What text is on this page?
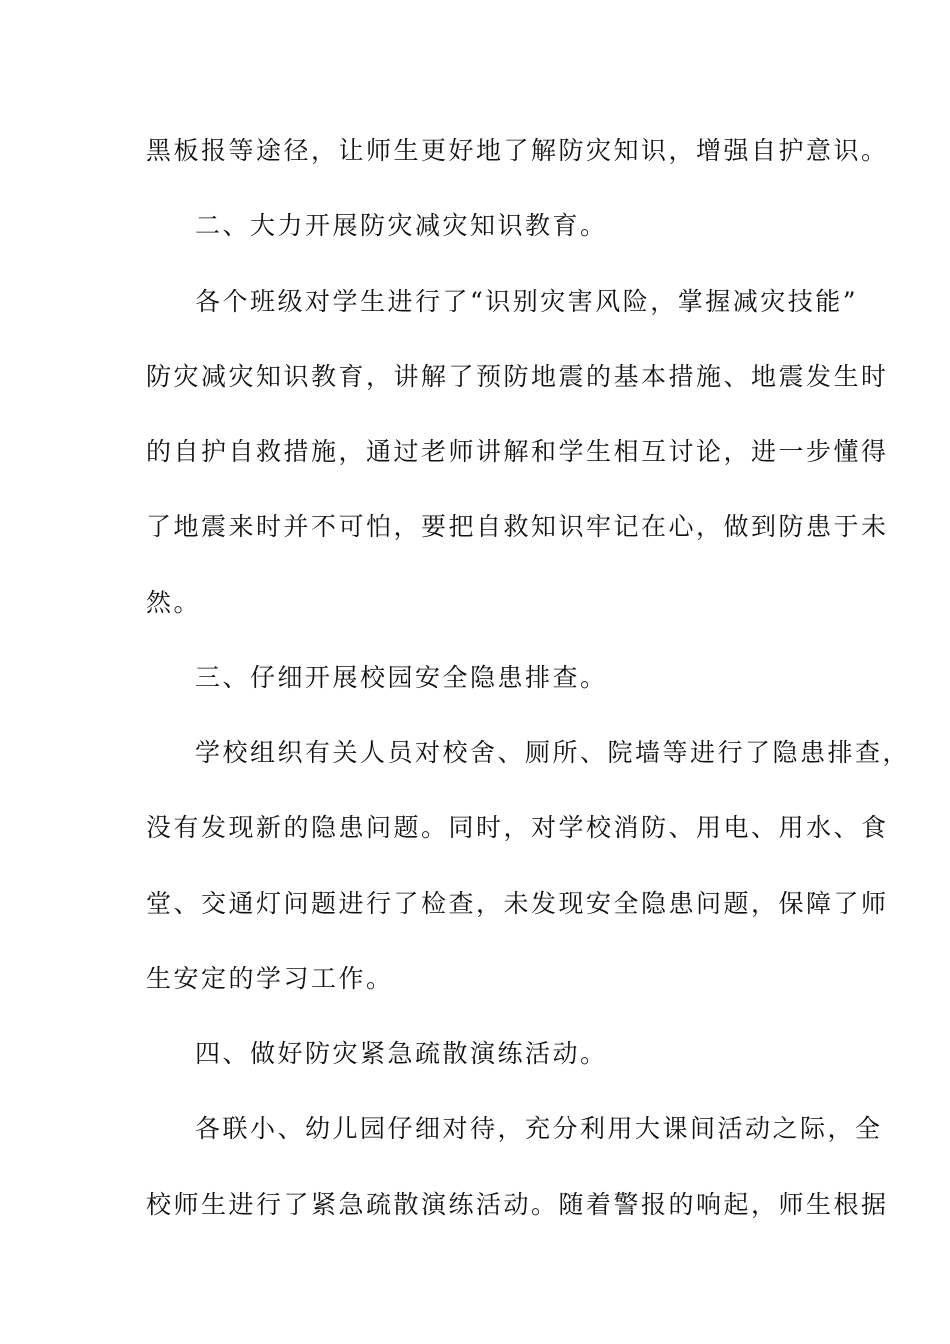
黑板报等途径，让师生更好地了解防灾知识，增强自护意识。
二、大力开展防灾减灾知识教育。
各个班级对学生进行了“识别灾害风险，掌握减灾技能”
防灾减灾知识教育，讲解了预防地震的基本措施、地震发生时
的自护自救措施，通过老师讲解和学生相互讨论，进一步懂得
了地震来时并不可怕，要把自救知识牢记在心，做到防患于未
然。
三、仔细开展校园安全隐患排查。
学校组织有关人员对校舍、厕所、院墙等进行了隐患排查，
没有发现新的隐患问题。同时，对学校消防、用电、用水、食
堂、交通灯问题进行了检查，未发现安全隐患问题，保障了师
生安定的学习工作。
四、做好防灾紧急疏散演练活动。
各联小、幼儿园仔细对待，充分利用大课间活动之际，全
校师生进行了紧急疏散演练活动。随着警报的响起，师生根据
